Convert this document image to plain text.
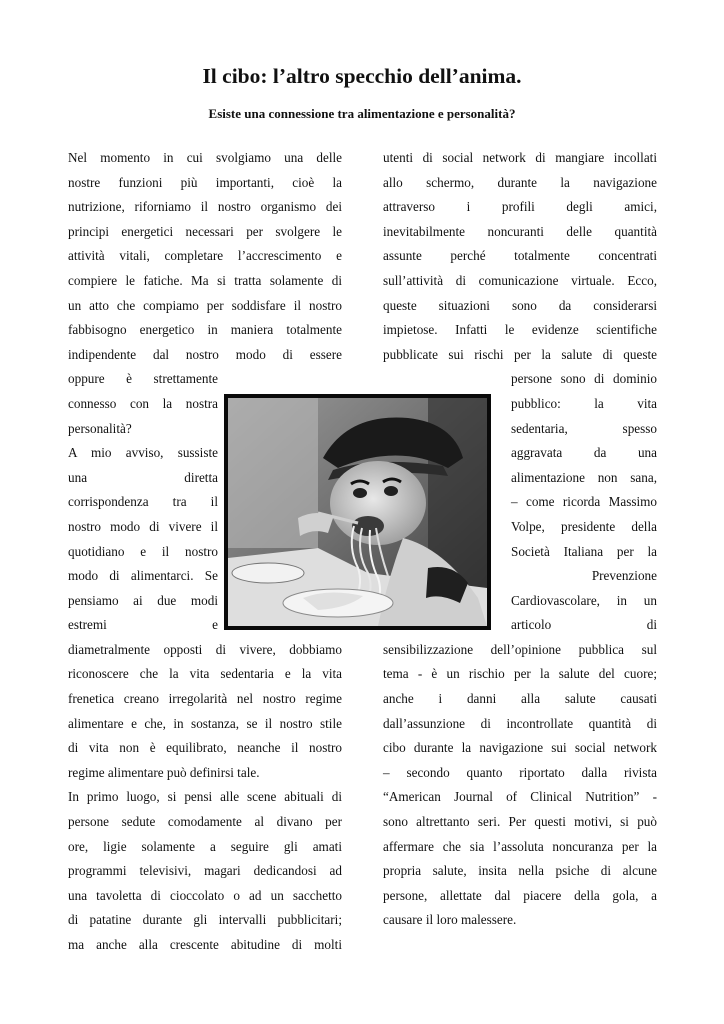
Il cibo: l’altro specchio dell’anima.
Esiste una connessione tra alimentazione e personalità?
Nel momento in cui svolgiamo una delle
nostre funzioni più importanti, cioè la
nutrizione, riforniamo il nostro organismo dei
principi energetici necessari per svolgere le
attività vitali, completare l’accrescimento e
compiere le fatiche. Ma si tratta solamente di
un atto che compiamo per soddisfare il nostro
fabbisogno energetico in maniera totalmente
indipendente dal nostro modo di essere
oppure è strettamente
connesso con la nostra
personalità?
A mio avviso, sussiste
una diretta
corrispondenza tra il
nostro modo di vivere il
quotidiano e il nostro
modo di alimentarci. Se
pensiamo ai due modi
estremi e
diametralmente opposti di vivere, dobbiamo
riconoscere che la vita sedentaria e la vita
frenetica creano irregolarità nel nostro regime
alimentare e che, in sostanza, se il nostro stile
di vita non è equilibrato, neanche il nostro
regime alimentare può definirsi tale.
In primo luogo, si pensi alle scene abituali di
persone sedute comodamente al divano per
ore, ligie solamente a seguire gli amati
programmi televisivi, magari dedicandosi ad
una tavoletta di cioccolato o ad un sacchetto
di patatine durante gli intervalli pubblicitari;
ma anche alla crescente abitudine di molti
utenti di social network di mangiare incollati
allo schermo, durante la navigazione
attraverso i profili degli amici,
inevitabilmente noncuranti delle quantità
assunte perché totalmente concentrati
sull’attività di comunicazione virtuale. Ecco,
queste situazioni sono da considerarsi
impietose. Infatti le evidenze scientifiche
pubblicate sui rischi per la salute di queste
persone sono di dominio
pubblico: la vita
sedentaria, spesso
aggravata da una
alimentazione non sana,
– come ricorda Massimo
Volpe, presidente della
Società Italiana per la
Prevenzione
Cardiovascolare, in un
articolo di
sensibilizzazione dell’opinione pubblica sul
tema - è un rischio per la salute del cuore;
anche i danni alla salute causati
dall’assunzione di incontrollate quantità di
cibo durante la navigazione sui social network
– secondo quanto riportato dalla rivista
“American Journal of Clinical Nutrition” -
sono altrettanto seri. Per questi motivi, si può
affermare che sia l’assoluta noncuranza per la
propria salute, insita nella psiche di alcune
persone, allettate dal piacere della gola, a
causare il loro malessere.
